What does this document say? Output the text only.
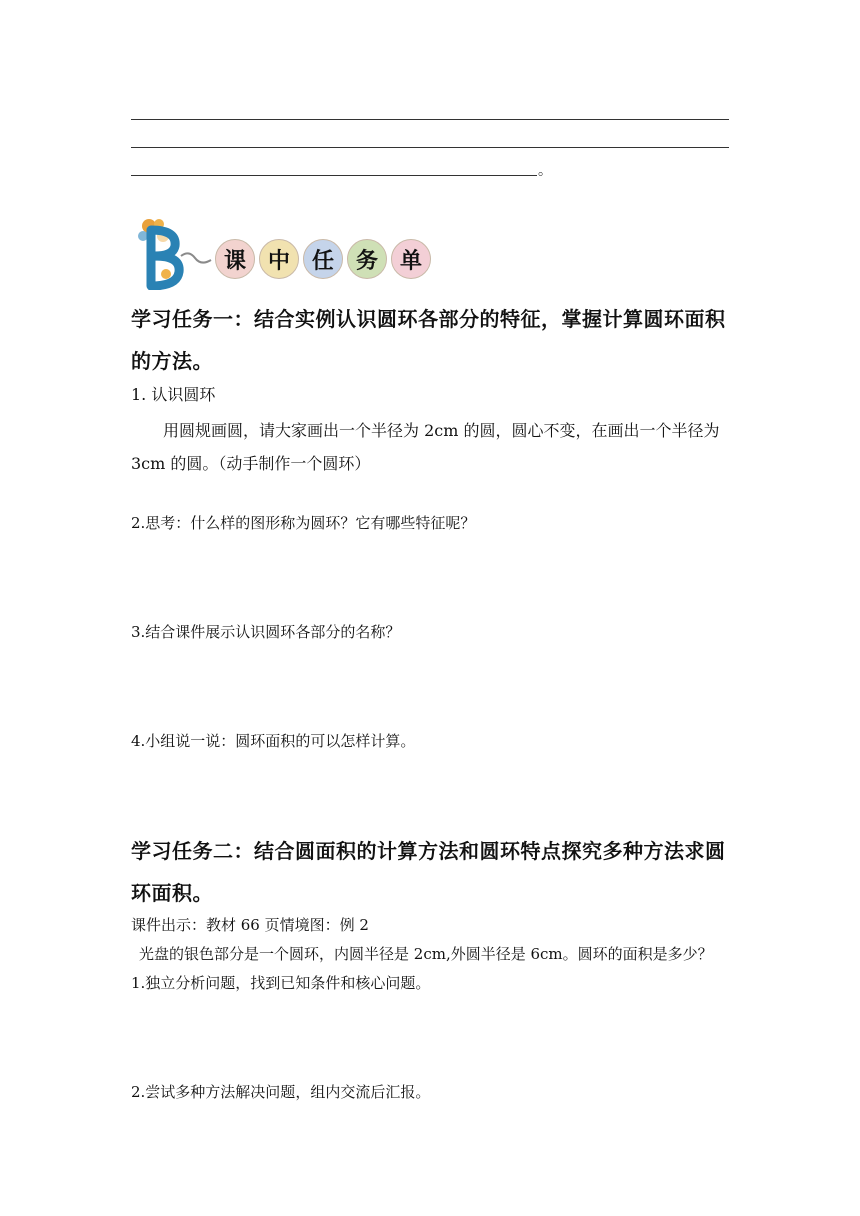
。
课 中 任 务 单
学习任务一：结合实例认识圆环各部分的特征，掌握计算圆环面积的方法。
1. 认识圆环
用圆规画圆，请大家画出一个半径为 2cm 的圆，圆心不变，在画出一个半径为 3cm 的圆。（动手制作一个圆环）
2.思考：什么样的图形称为圆环？它有哪些特征呢？
3.结合课件展示认识圆环各部分的名称？
4.小组说一说：圆环面积的可以怎样计算。
学习任务二：结合圆面积的计算方法和圆环特点探究多种方法求圆环面积。
课件出示：教材 66 页情境图：例 2
光盘的银色部分是一个圆环，内圆半径是 2cm,外圆半径是 6cm。圆环的面积是多少？
1.独立分析问题，找到已知条件和核心问题。
2.尝试多种方法解决问题，组内交流后汇报。
